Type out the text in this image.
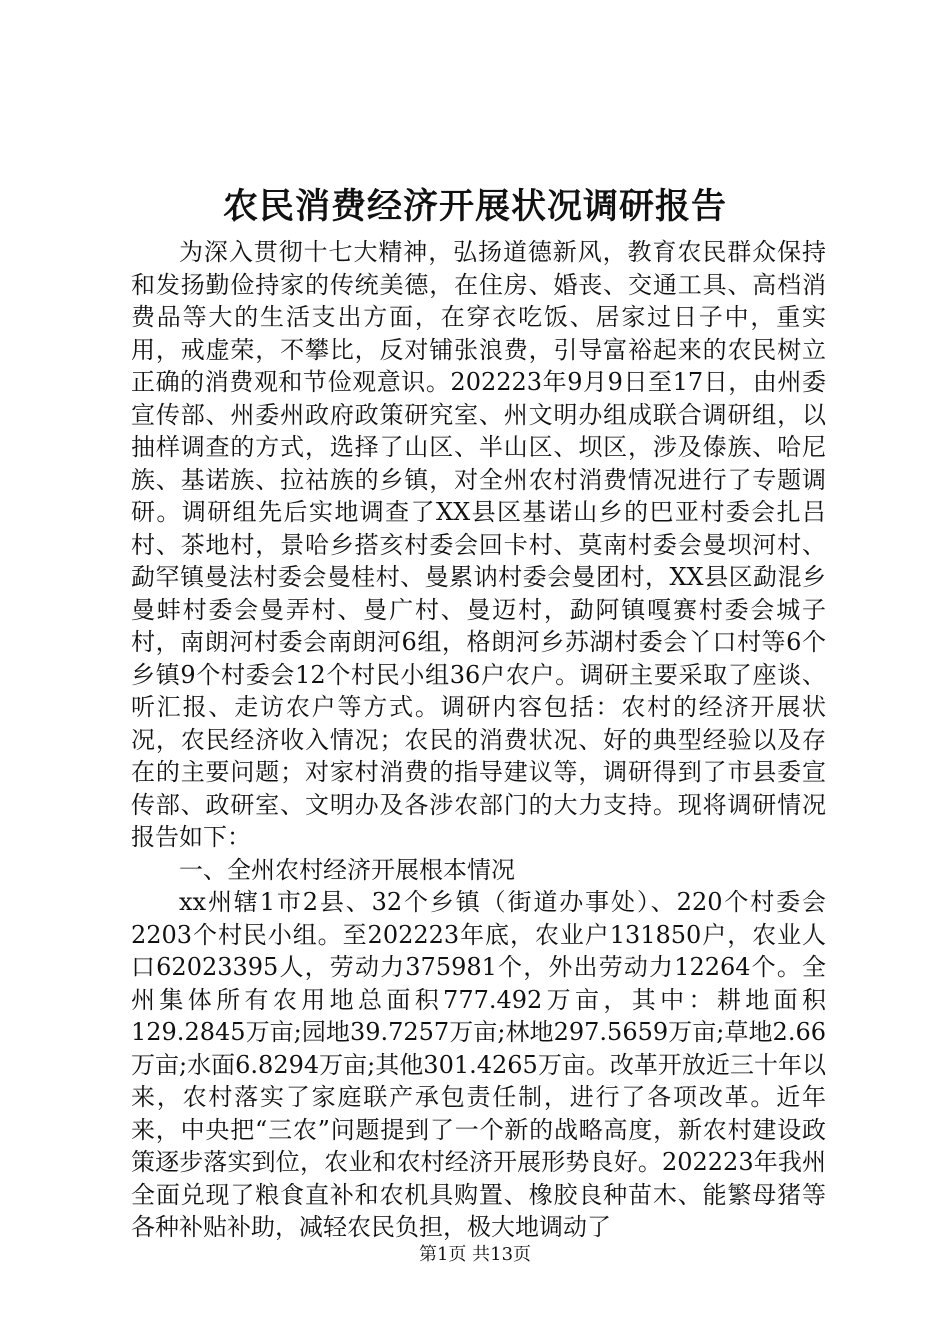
农民消费经济开展状况调研报告

为深入贯彻十七大精神，弘扬道德新风，教育农民群众保持和发扬勤俭持家的传统美德，在住房、婚丧、交通工具、高档消费品等大的生活支出方面，在穿衣吃饭、居家过日子中，重实用，戒虚荣，不攀比，反对铺张浪费，引导富裕起来的农民树立正确的消费观和节俭观意识。202223年9月9日至17日，由州委宣传部、州委州政府政策研究室、州文明办组成联合调研组，以抽样调查的方式，选择了山区、半山区、坝区，涉及傣族、哈尼族、基诺族、拉祜族的乡镇，对全州农村消费情况进行了专题调研。调研组先后实地调查了XX县区基诺山乡的巴亚村委会扎吕村、茶地村，景哈乡搭亥村委会回卡村、莫南村委会曼坝河村、勐罕镇曼法村委会曼桂村、曼累讷村委会曼团村，XX县区勐混乡曼蚌村委会曼弄村、曼广村、曼迈村，勐阿镇嘎赛村委会城子村，南朗河村委会南朗河6组，格朗河乡苏湖村委会丫口村等6个乡镇9个村委会12个村民小组36户农户。调研主要采取了座谈、听汇报、走访农户等方式。调研内容包括：农村的经济开展状况，农民经济收入情况；农民的消费状况、好的典型经验以及存在的主要问题；对家村消费的指导建议等，调研得到了市县委宣传部、政研室、文明办及各涉农部门的大力支持。现将调研情况报告如下：

一、全州农村经济开展根本情况

xx州辖1市2县、32个乡镇（街道办事处）、220个村委会2203个村民小组。至202223年底，农业户131850户，农业人口62023395人，劳动力375981个，外出劳动力12264个。全州集体所有农用地总面积777.492万亩，其中：耕地面积129.2845万亩;园地39.7257万亩;林地297.5659万亩;草地2.66万亩;水面6.8294万亩;其他301.4265万亩。改革开放近三十年以来，农村落实了家庭联产承包责任制，进行了各项改革。近年来，中央把“三农”问题提到了一个新的战略高度，新农村建设政策逐步落实到位，农业和农村经济开展形势良好。202223年我州全面兑现了粮食直补和农机具购置、橡胶良种苗木、能繁母猪等各种补贴补助，减轻农民负担，极大地调动了

第1页 共13页
